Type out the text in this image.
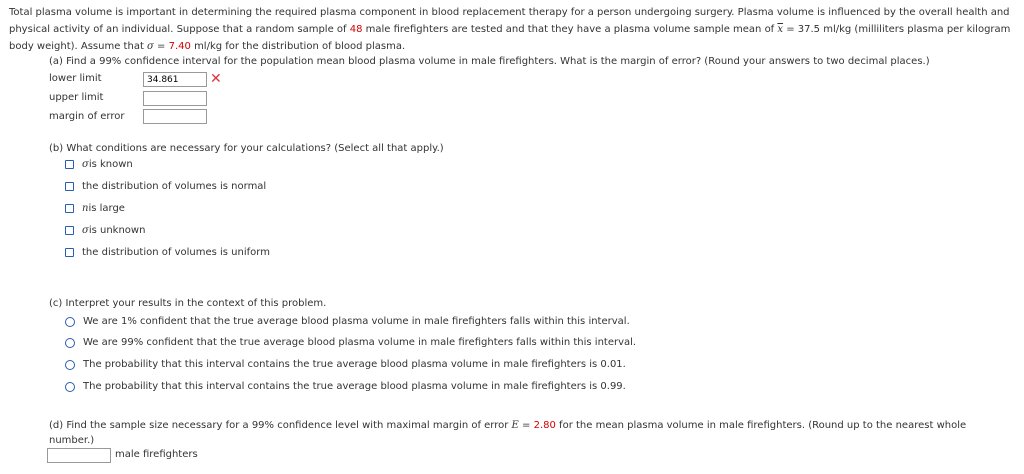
Total plasma volume is important in determining the required plasma component in blood replacement therapy for a person undergoing surgery. Plasma volume is influenced by the overall health and physical activity of an individual. Suppose that a random sample of 48 male firefighters are tested and that they have a plasma volume sample mean of $\overline{x} = 37.5$ ml/kg (milliliters plasma per kilogram body weight). Assume that σ = 7.40 ml/kg for the distribution of blood plasma.
(a) Find a 99% confidence interval for the population mean blood plasma volume in male firefighters. What is the margin of error? (Round your answers to two decimal places.)
lower limit
34.861	✕
upper limit
margin of error
(b) What conditions are necessary for your calculations? (Select all that apply.)
σ is known
the distribution of volumes is normal
n is large
σ is unknown
the distribution of volumes is uniform
(c) Interpret your results in the context of this problem.
We are 1% confident that the true average blood plasma volume in male firefighters falls within this interval.
We are 99% confident that the true average blood plasma volume in male firefighters falls within this interval.
The probability that this interval contains the true average blood plasma volume in male firefighters is 0.01.
The probability that this interval contains the true average blood plasma volume in male firefighters is 0.99.
(d) Find the sample size necessary for a 99% confidence level with maximal margin of error E = 2.80 for the mean plasma volume in male firefighters. (Round up to the nearest whole number.)
male firefighters
